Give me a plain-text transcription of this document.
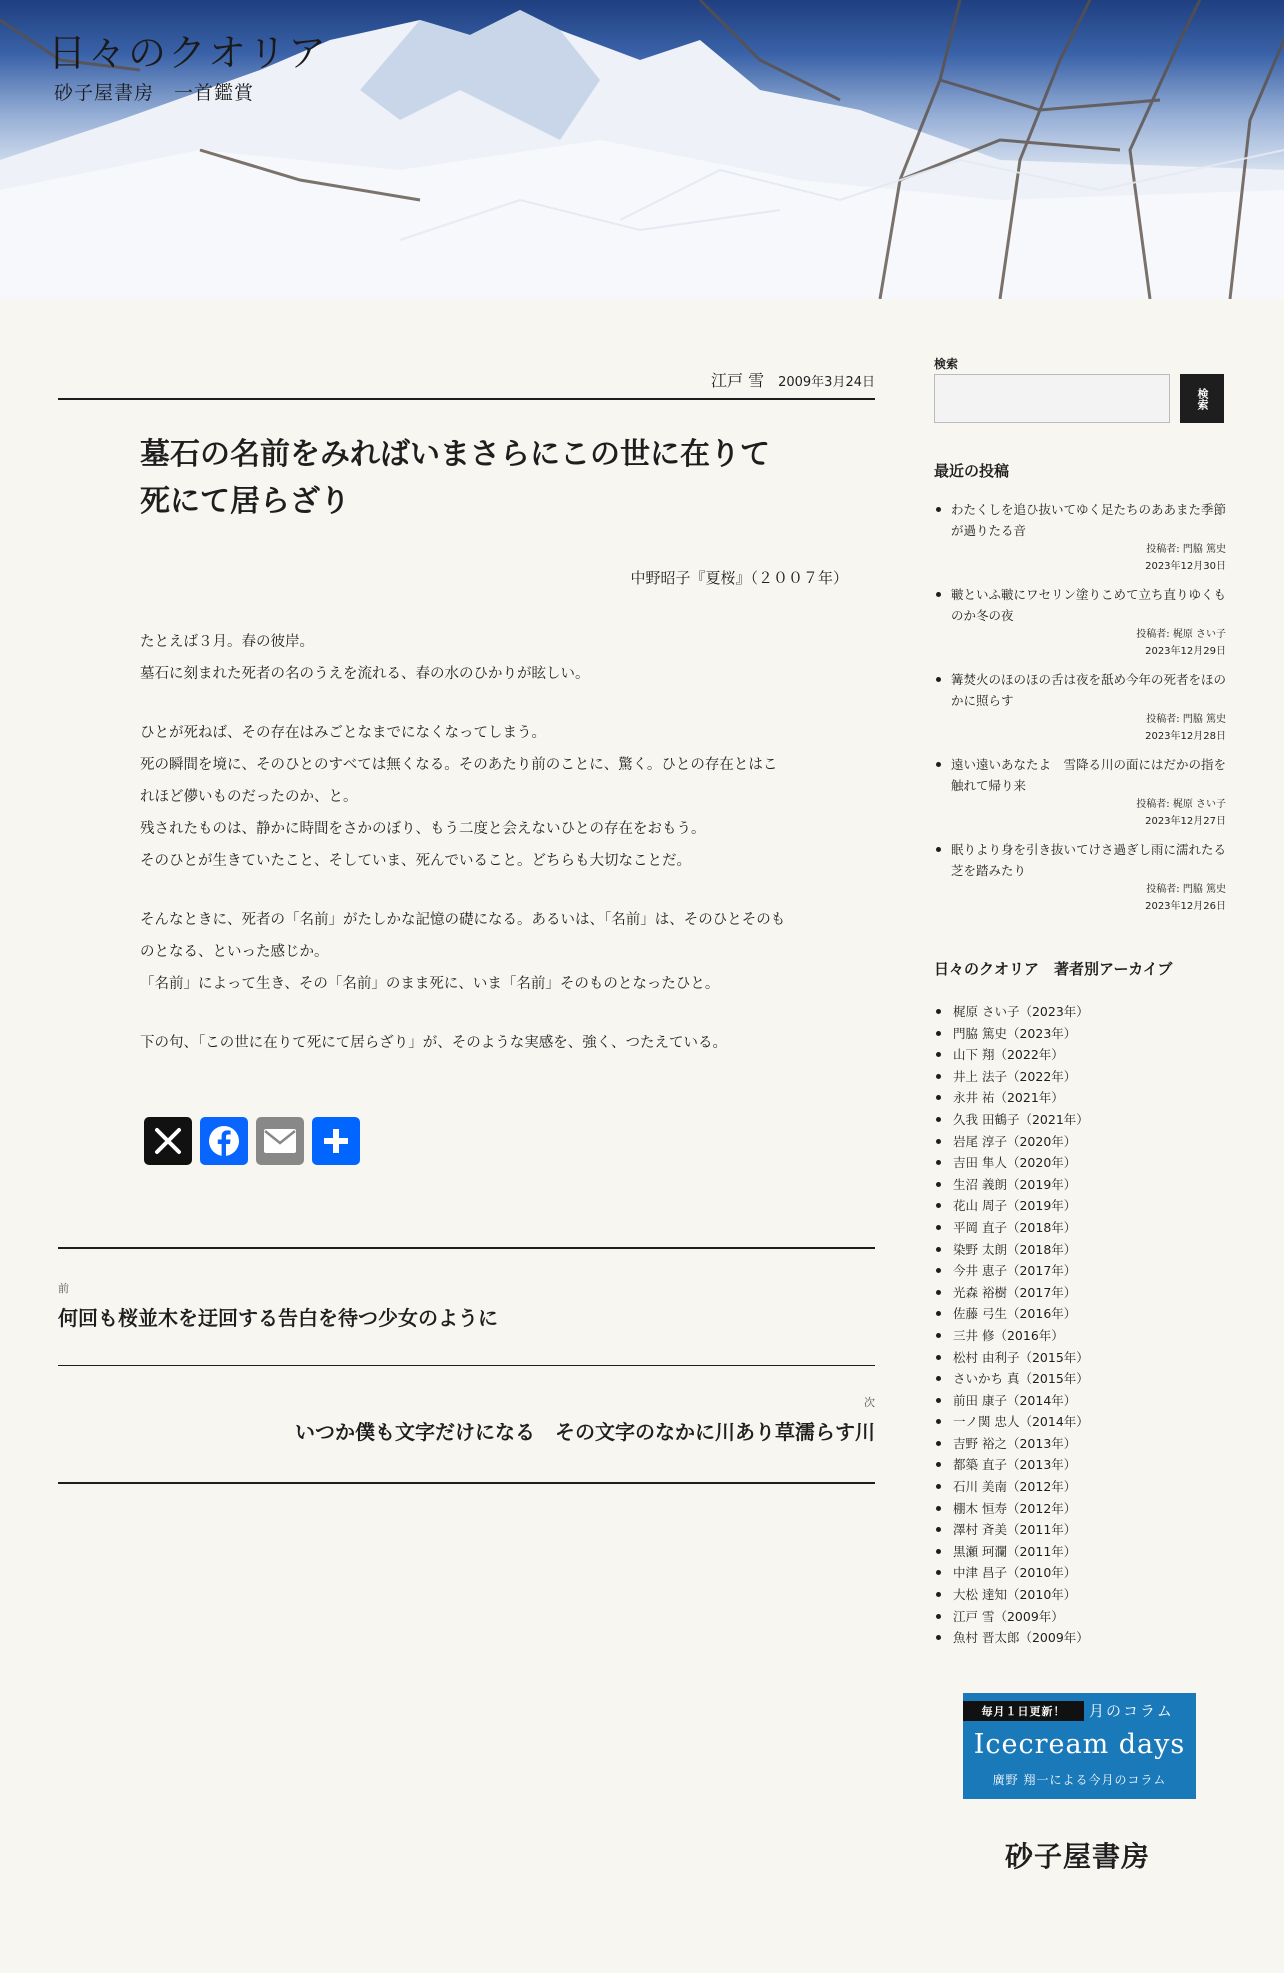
日々のクオリア
砂子屋書房　一首鑑賞
江戸 雪 2009年3月24日
墓石の名前をみればいまさらにこの世に在りて死にて居らざり
中野昭子『夏桜』（２００７年）

たとえば３月。春の彼岸。
墓石に刻まれた死者の名のうえを流れる、春の水のひかりが眩しい。

ひとが死ねば、その存在はみごとなまでになくなってしまう。
死の瞬間を境に、そのひとのすべては無くなる。そのあたり前のことに、驚く。ひとの存在とはこれほど儚いものだったのか、と。
残されたものは、静かに時間をさかのぼり、もう二度と会えないひとの存在をおもう。
そのひとが生きていたこと、そしていま、死んでいること。どちらも大切なことだ。

そんなときに、死者の「名前」がたしかな記憶の礎になる。あるいは、「名前」は、そのひとそのものとなる、といった感じか。
「名前」によって生き、その「名前」のまま死に、いま「名前」そのものとなったひと。

下の句、「この世に在りて死にて居らざり」が、そのような実感を、強く、つたえている。

前
何回も桜並木を迂回する告白を待つ少女のように
次
いつか僕も文字だけになる　その文字のなかに川あり草濡らす川
検索
検索
最近の投稿
わたくしを追ひ抜いてゆく足たちのああまた季節が過りたる音
投稿者: 門脇 篤史
2023年12月30日
皸といふ皸にワセリン塗りこめて立ち直りゆくものか冬の夜
投稿者: 梶原 さい子
2023年12月29日
篝焚火のほのほの舌は夜を舐め今年の死者をほのかに照らす
投稿者: 門脇 篤史
2023年12月28日
遠い遠いあなたよ　雪降る川の面にはだかの指を触れて帰り来
投稿者: 梶原 さい子
2023年12月27日
眠りより身を引き抜いてけさ過ぎし雨に濡れたる芝を踏みたり
投稿者: 門脇 篤史
2023年12月26日
日々のクオリア　著者別アーカイブ
梶原 さい子（2023年）
門脇 篤史（2023年）
山下 翔（2022年）
井上 法子（2022年）
永井 祐（2021年）
久我 田鶴子（2021年）
岩尾 淳子（2020年）
吉田 隼人（2020年）
生沼 義朗（2019年）
花山 周子（2019年）
平岡 直子（2018年）
染野 太朗（2018年）
今井 恵子（2017年）
光森 裕樹（2017年）
佐藤 弓生（2016年）
三井 修（2016年）
松村 由利子（2015年）
さいかち 真（2015年）
前田 康子（2014年）
一ノ関 忠人（2014年）
吉野 裕之（2013年）
都築 直子（2013年）
石川 美南（2012年）
棚木 恒寿（2012年）
澤村 斉美（2011年）
黒瀬 珂瀾（2011年）
中津 昌子（2010年）
大松 達知（2010年）
江戸 雪（2009年）
魚村 晋太郎（2009年）
毎月１日更新！	月のコラム
Icecream days
廣野 翔一による今月のコラム
砂子屋書房
